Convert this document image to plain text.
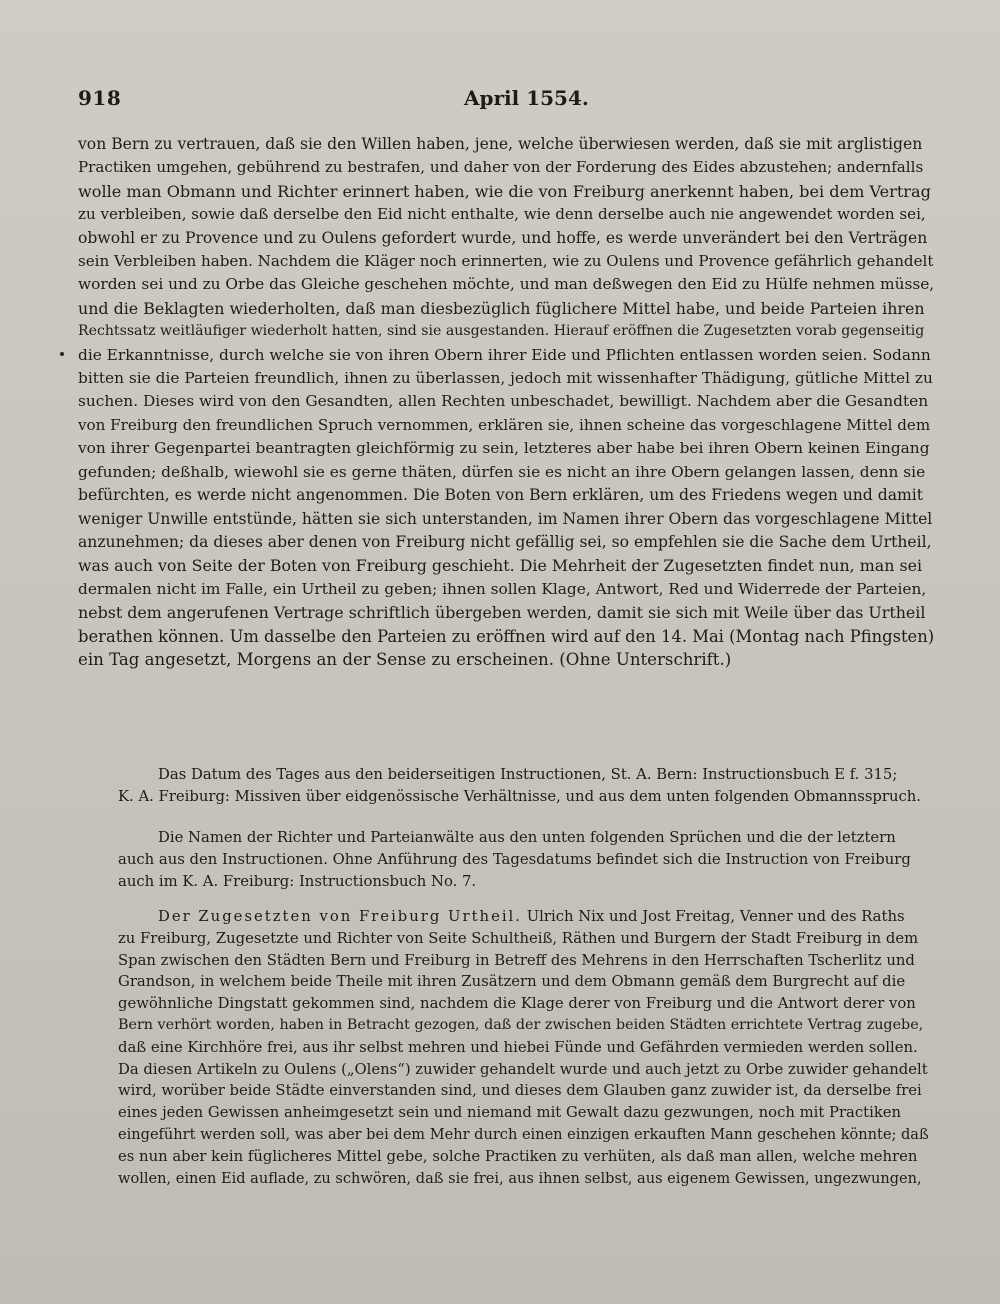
918	April 1554.
von Bern zu vertrauen, daß sie den Willen haben, jene, welche überwiesen werden, daß sie mit arglistigen
Practiken umgehen, gebührend zu bestrafen, und daher von der Forderung des Eides abzustehen; andernfalls
wolle man Obmann und Richter erinnert haben, wie die von Freiburg anerkennt haben, bei dem Vertrag
zu verbleiben, sowie daß derselbe den Eid nicht enthalte, wie denn derselbe auch nie angewendet worden sei,
obwohl er zu Provence und zu Oulens gefordert wurde, und hoffe, es werde unverändert bei den Verträgen
sein Verbleiben haben. Nachdem die Kläger noch erinnerten, wie zu Oulens und Provence gefährlich gehandelt
worden sei und zu Orbe das Gleiche geschehen möchte, und man deßwegen den Eid zu Hülfe nehmen müsse,
und die Beklagten wiederholten, daß man diesbezüglich füglichere Mittel habe, und beide Parteien ihren
Rechtssatz weitläufiger wiederholt hatten, sind sie ausgestanden. Hierauf eröffnen die Zugesetzten vorab gegenseitig
die Erkanntnisse, durch welche sie von ihren Obern ihrer Eide und Pflichten entlassen worden seien. Sodann
bitten sie die Parteien freundlich, ihnen zu überlassen, jedoch mit wissenhafter Thädigung, gütliche Mittel zu
suchen. Dieses wird von den Gesandten, allen Rechten unbeschadet, bewilligt. Nachdem aber die Gesandten
von Freiburg den freundlichen Spruch vernommen, erklären sie, ihnen scheine das vorgeschlagene Mittel dem
von ihrer Gegenpartei beantragten gleichförmig zu sein, letzteres aber habe bei ihren Obern keinen Eingang
gefunden; deßhalb, wiewohl sie es gerne thäten, dürfen sie es nicht an ihre Obern gelangen lassen, denn sie
befürchten, es werde nicht angenommen. Die Boten von Bern erklären, um des Friedens wegen und damit
weniger Unwille entstünde, hätten sie sich unterstanden, im Namen ihrer Obern das vorgeschlagene Mittel
anzunehmen; da dieses aber denen von Freiburg nicht gefällig sei, so empfehlen sie die Sache dem Urtheil,
was auch von Seite der Boten von Freiburg geschieht. Die Mehrheit der Zugesetzten findet nun, man sei
dermalen nicht im Falle, ein Urtheil zu geben; ihnen sollen Klage, Antwort, Red und Widerrede der Parteien,
nebst dem angerufenen Vertrage schriftlich übergeben werden, damit sie sich mit Weile über das Urtheil
berathen können. Um dasselbe den Parteien zu eröffnen wird auf den 14. Mai (Montag nach Pfingsten)
ein Tag angesetzt, Morgens an der Sense zu erscheinen. (Ohne Unterschrift.)
Das Datum des Tages aus den beiderseitigen Instructionen, St. A. Bern: Instructionsbuch E f. 315;
K. A. Freiburg: Missiven über eidgenössische Verhältnisse, und aus dem unten folgenden Obmannsspruch.
Die Namen der Richter und Parteianwälte aus den unten folgenden Sprüchen und die der letztern
auch aus den Instructionen. Ohne Anführung des Tagesdatums befindet sich die Instruction von Freiburg
auch im K. A. Freiburg: Instructionsbuch No. 7.
Der Zugesetzten von Freiburg Urtheil. Ulrich Nix und Jost Freitag, Venner und des Raths
zu Freiburg, Zugesetzte und Richter von Seite Schultheiß, Räthen und Burgern der Stadt Freiburg in dem
Span zwischen den Städten Bern und Freiburg in Betreff des Mehrens in den Herrschaften Tscherlitz und
Grandson, in welchem beide Theile mit ihren Zusätzern und dem Obmann gemäß dem Burgrecht auf die
gewöhnliche Dingstatt gekommen sind, nachdem die Klage derer von Freiburg und die Antwort derer von
Bern verhört worden, haben in Betracht gezogen, daß der zwischen beiden Städten errichtete Vertrag zugebe,
daß eine Kirchhöre frei, aus ihr selbst mehren und hiebei Fünde und Gefährden vermieden werden sollen.
Da diesen Artikeln zu Oulens („Olens“) zuwider gehandelt wurde und auch jetzt zu Orbe zuwider gehandelt
wird, worüber beide Städte einverstanden sind, und dieses dem Glauben ganz zuwider ist, da derselbe frei
eines jeden Gewissen anheimgesetzt sein und niemand mit Gewalt dazu gezwungen, noch mit Practiken
eingeführt werden soll, was aber bei dem Mehr durch einen einzigen erkauften Mann geschehen könnte; daß
es nun aber kein füglicheres Mittel gebe, solche Practiken zu verhüten, als daß man allen, welche mehren
wollen, einen Eid auflade, zu schwören, daß sie frei, aus ihnen selbst, aus eigenem Gewissen, ungezwungen,
